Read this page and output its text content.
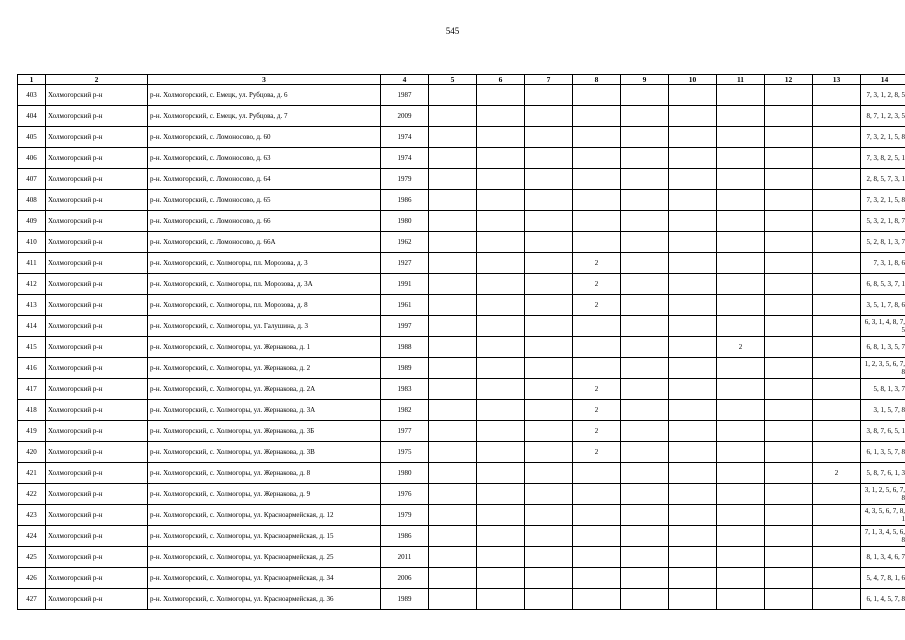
545
1	2	3	4	5	6	7	8	9	10	11	12	13	14
403	Холмогорский р-н	р-н. Холмогорский, с. Емецк, ул. Рубцова, д. 6	1987										7, 3, 1, 2, 8, 5
404	Холмогорский р-н	р-н. Холмогорский, с. Емецк, ул. Рубцова, д. 7	2009										8, 7, 1, 2, 3, 5
405	Холмогорский р-н	р-н. Холмогорский, с. Ломоносово, д. 60	1974										7, 3, 2, 1, 5, 8
406	Холмогорский р-н	р-н. Холмогорский, с. Ломоносово, д. 63	1974										7, 3, 8, 2, 5, 1
407	Холмогорский р-н	р-н. Холмогорский, с. Ломоносово, д. 64	1979										2, 8, 5, 7, 3, 1
408	Холмогорский р-н	р-н. Холмогорский, с. Ломоносово, д. 65	1986										7, 3, 2, 1, 5, 8
409	Холмогорский р-н	р-н. Холмогорский, с. Ломоносово, д. 66	1980										5, 3, 2, 1, 8, 7
410	Холмогорский р-н	р-н. Холмогорский, с. Ломоносово, д. 66А	1962										5, 2, 8, 1, 3, 7
411	Холмогорский р-н	р-н. Холмогорский, с. Холмогоры, пл. Морозова, д. 3	1927				2						7, 3, 1, 8, 6
412	Холмогорский р-н	р-н. Холмогорский, с. Холмогоры, пл. Морозова, д. 3А	1991				2						6, 8, 5, 3, 7, 1
413	Холмогорский р-н	р-н. Холмогорский, с. Холмогоры, пл. Морозова, д. 8	1961				2						3, 5, 1, 7, 8, 6
414	Холмогорский р-н	р-н. Холмогорский, с. Холмогоры, ул. Галушина, д. 3	1997										6, 3, 1, 4, 8, 7, 5
415	Холмогорский р-н	р-н. Холмогорский, с. Холмогоры, ул. Жернакова, д. 1	1988							2			6, 8, 1, 3, 5, 7
416	Холмогорский р-н	р-н. Холмогорский, с. Холмогоры, ул. Жернакова, д. 2	1989										1, 2, 3, 5, 6, 7, 8
417	Холмогорский р-н	р-н. Холмогорский, с. Холмогоры, ул. Жернакова, д. 2А	1983				2						5, 8, 1, 3, 7
418	Холмогорский р-н	р-н. Холмогорский, с. Холмогоры, ул. Жернакова, д. 3А	1982				2						3, 1, 5, 7, 8
419	Холмогорский р-н	р-н. Холмогорский, с. Холмогоры, ул. Жернакова, д. 3Б	1977				2						3, 8, 7, 6, 5, 1
420	Холмогорский р-н	р-н. Холмогорский, с. Холмогоры, ул. Жернакова, д. 3В	1975				2						6, 1, 3, 5, 7, 8
421	Холмогорский р-н	р-н. Холмогорский, с. Холмогоры, ул. Жернакова, д. 8	1980									2	5, 8, 7, 6, 1, 3
422	Холмогорский р-н	р-н. Холмогорский, с. Холмогоры, ул. Жернакова, д. 9	1976										3, 1, 2, 5, 6, 7, 8
423	Холмогорский р-н	р-н. Холмогорский, с. Холмогоры, ул. Красноармейская, д. 12	1979										4, 3, 5, 6, 7, 8, 1
424	Холмогорский р-н	р-н. Холмогорский, с. Холмогоры, ул. Красноармейская, д. 15	1986										7, 1, 3, 4, 5, 6, 8
425	Холмогорский р-н	р-н. Холмогорский, с. Холмогоры, ул. Красноармейская, д. 25	2011										8, 1, 3, 4, 6, 7
426	Холмогорский р-н	р-н. Холмогорский, с. Холмогоры, ул. Красноармейская, д. 34	2006										5, 4, 7, 8, 1, 6
427	Холмогорский р-н	р-н. Холмогорский, с. Холмогоры, ул. Красноармейская, д. 36	1989										6, 1, 4, 5, 7, 8
